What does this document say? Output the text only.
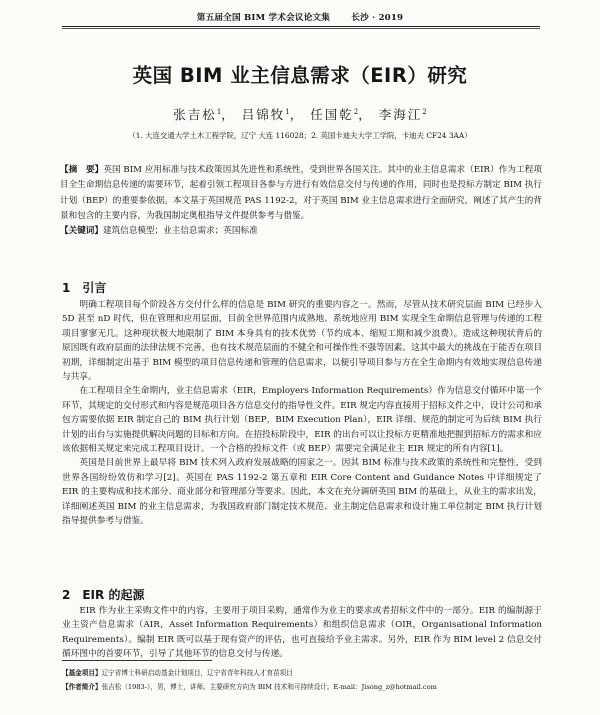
第五届全国 BIM 学术会议论文集 长沙 · 2019
英国 BIM 业主信息需求（EIR）研究
张吉松$^1$， 吕锦牧$^1$， 任国乾$^2$， 李海江$^2$
（1. 大连交通大学土木工程学院，辽宁 大连 116028；2. 英国卡迪夫大学工学院，卡迪夫 CF24 3AA）

【摘　要】英国 BIM 应用标准与技术政策因其先进性和系统性，受到世界各国关注。其中的业主信息需求（EIR）作为工程项目全生命期信息传递的需要环节，起着引领工程项目各参与方进行有效信息交付与传递的作用，同时也是投标方制定 BIM 执行计划（BEP）的重要参依据。本文基于英国规范 PAS 1192-2，对于英国 BIM 业主信息需求进行全面研究，阐述了其产生的背景和包含的主要内容，为我国制定奥根指导文件提供参考与借鉴。

【关键词】建筑信息模型；业主信息需求；英国标准

1 引言

明确工程项目每个阶段各方交付什么样的信息是 BIM 研究的重要内容之一。然而，尽管从技术研究层面 BIM 已经步入 5D 甚至 nD 时代，但在管理和应用层面，目前全世界范围内成熟地、系统地应用 BIM 实现全生命期信息管理与传递的工程项目寥寥无几。这种现状极大地限制了 BIM 本身具有的技术优势（节约成本、缩短工期和减少浪费）。造成这种现状背后的原因既有政府层面的法律法规不完善，也有技术规范层面的不健全和可操作性不强等因素。这其中最大的挑战在于能否在项目初期，详细制定出基于 BIM 模型的项目信息传递和管理的信息需求，以便引导项目参与方在全生命期内有效地实现信息传递与共享。

在工程项目全生命期内，业主信息需求（EIR，Employers Information Requirements）作为信息交付循环中第一个环节，其规定的交付形式和内容是规范项目各方信息交付的指导性文件。EIR 规定内容直接用于招标文件之中，设计公司和承包方需要依据 EIR 制定自己的 BIM 执行计划（BEP，BIM Execution Plan），EIR 详细、规范的制定可为后续 BIM 执行计划的出台与实施提供解决问题的目标和方向。在招投标阶段中，EIR 的出台可以让投标方更精准地把握到招标方的需求和应该依据相关规定来完成工程项目设计。一个合格的投标文件（或 BEP）需要完全满足业主 EIR 规定的所有内容[1]。

英国是目前世界上最早将 BIM 技术列入政府发展战略的国家之一。因其 BIM 标准与技术政策的系统性和完整性，受到世界各国纷纷效仿和学习[2]。英国在 PAS 1192-2 第五章和 EIR Core Content and Guidance Notes 中详细规定了 EIR 的主要构成和技术部分、商业部分和管理部分等要求。因此，本文在充分调研英国 BIM 的基础上，从业主的需求出发，详细阐述英国 BIM 的业主信息需求，为我国政府部门制定技术规范、业主制定信息需求和设计施工单位制定 BIM 执行计划指导提供参考与借鉴。

2 EIR 的起源

EIR 作为业主采购文件中的内容，主要用于项目采购，通常作为业主的要求或者招标文件中的一部分。EIR 的编制源于业主资产信息需求（AIR，Asset Information Requirements）和组织信息需求（OIR，Organisational Information Requirements）。编制 EIR 既可以基于现有资产的评估，也可直接给予业主需求。另外，EIR 作为 BIM level 2 信息交付循环图中的首要环节，引导了其他环节的信息交付与传递。

【基金项目】辽宁省博士科研启动基金计划项目，辽宁省青年科技人才育苗项目

【作者简介】张吉松（1983-），男，博士，讲师。主要研究方向为 BIM 技术和可持续设计。E-mail：Jisong_z@hotmail.com
